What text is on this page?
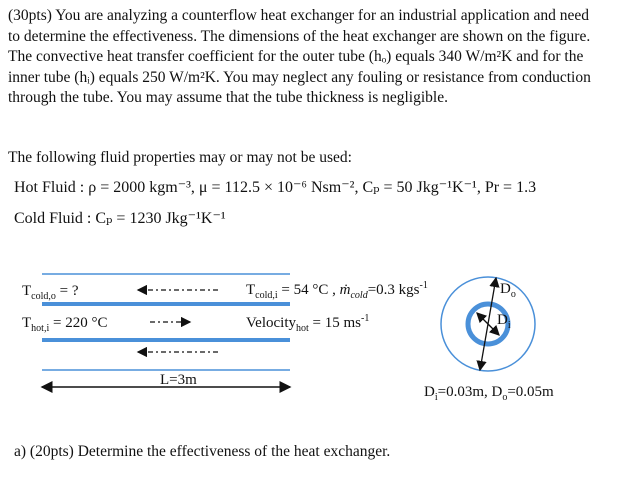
(30pts) You are analyzing a counterflow heat exchanger for an industrial application and need to determine the effectiveness. The dimensions of the heat exchanger are shown on the figure. The convective heat transfer coefficient for the outer tube (hₒ) equals 340 W/m²K and for the inner tube (hᵢ) equals 250 W/m²K. You may neglect any fouling or resistance from conduction through the tube. You may assume that the tube thickness is negligible.
The following fluid properties may or may not be used:
Hot Fluid : ρ = 2000 kgm⁻³, μ = 112.5 × 10⁻⁶ Nsm⁻², Cₚ = 50 Jkg⁻¹K⁻¹, Pr = 1.3
Cold Fluid : Cₚ = 1230 Jkg⁻¹K⁻¹
$T_{cold,o}$ = ?
$T_{hot,i} = 220$ °C
$T_{cold,i} = 54$ °C , ṁ$_{cold}$=0.3 kgs$^{-1}$
Velocity$_{hot}$ = 15 $ms^{-1}$
L=3m
$D_o$
$D_i$
$D_i=0.03m$, $D_o=0.05m$
a) (20pts) Determine the effectiveness of the heat exchanger.
